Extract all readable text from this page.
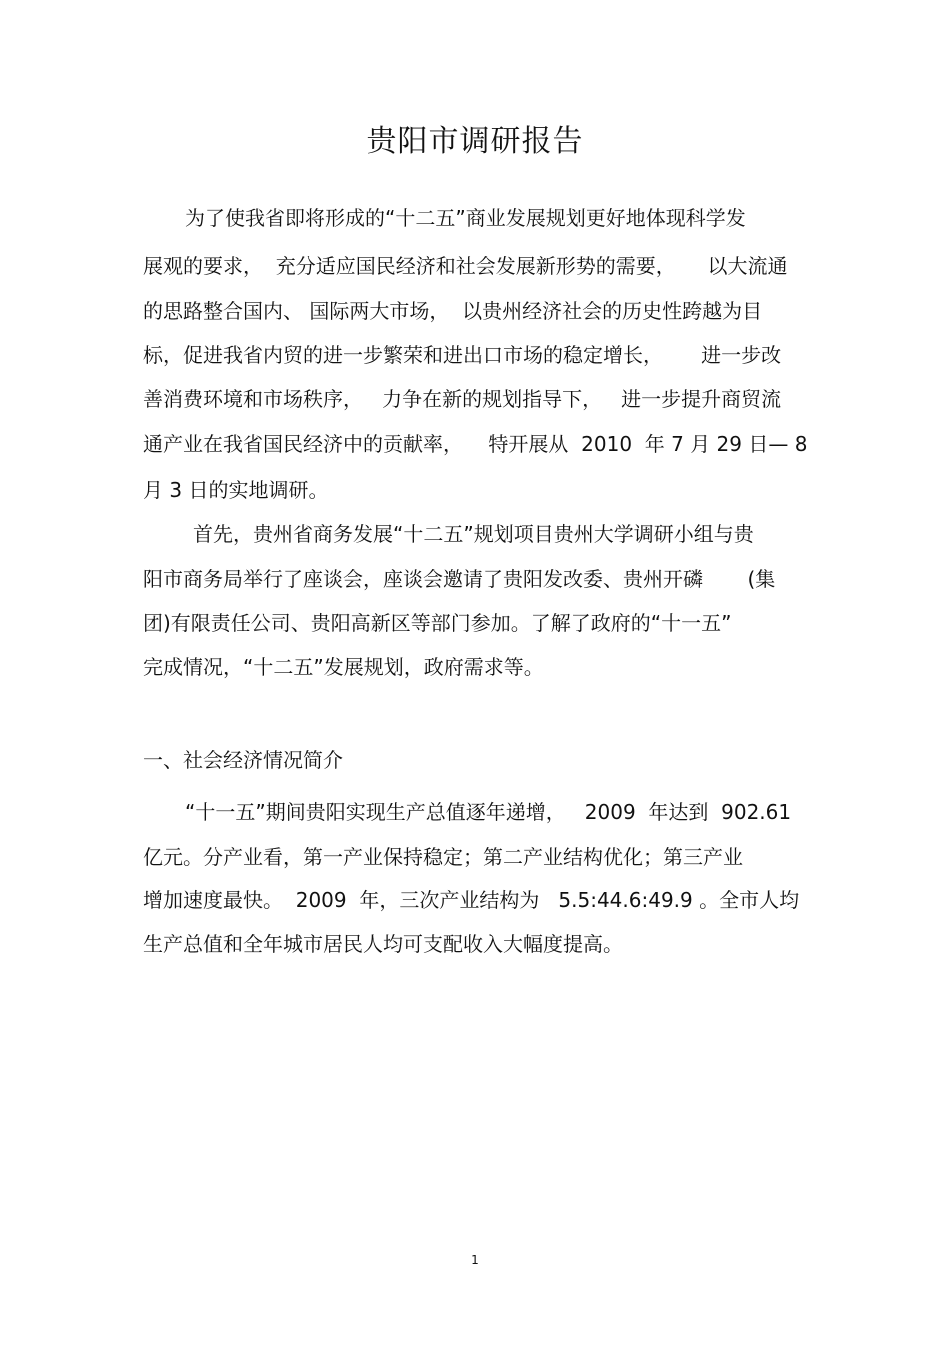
贵阳市调研报告
为了使我省即将形成的“十二五”商业发展规划更好地体现科学发
展观的要求，  充分适应国民经济和社会发展新形势的需要，     以大流通
的思路整合国内、 国际两大市场，  以贵州经济社会的历史性跨越为目
标，促进我省内贸的进一步繁荣和进出口市场的稳定增长，      进一步改
善消费环境和市场秩序，   力争在新的规划指导下，   进一步提升商贸流
通产业在我省国民经济中的贡献率，    特开展从  2010  年 7 月 29 日— 8
月 3 日的实地调研。
首先，贵州省商务发展“十二五”规划项目贵州大学调研小组与贵
阳市商务局举行了座谈会，座谈会邀请了贵阳发改委、贵州开磷       (集
团)有限责任公司、贵阳高新区等部门参加。了解了政府的“十一五”
完成情况，“十二五”发展规划，政府需求等。
一、社会经济情况简介
“十一五”期间贵阳实现生产总值逐年递增，   2009  年达到  902.61
亿元。分产业看，第一产业保持稳定；第二产业结构优化；第三产业
增加速度最快。  2009  年，三次产业结构为   5.5:44.6:49.9 。全市人均
生产总值和全年城市居民人均可支配收入大幅度提高。
1
